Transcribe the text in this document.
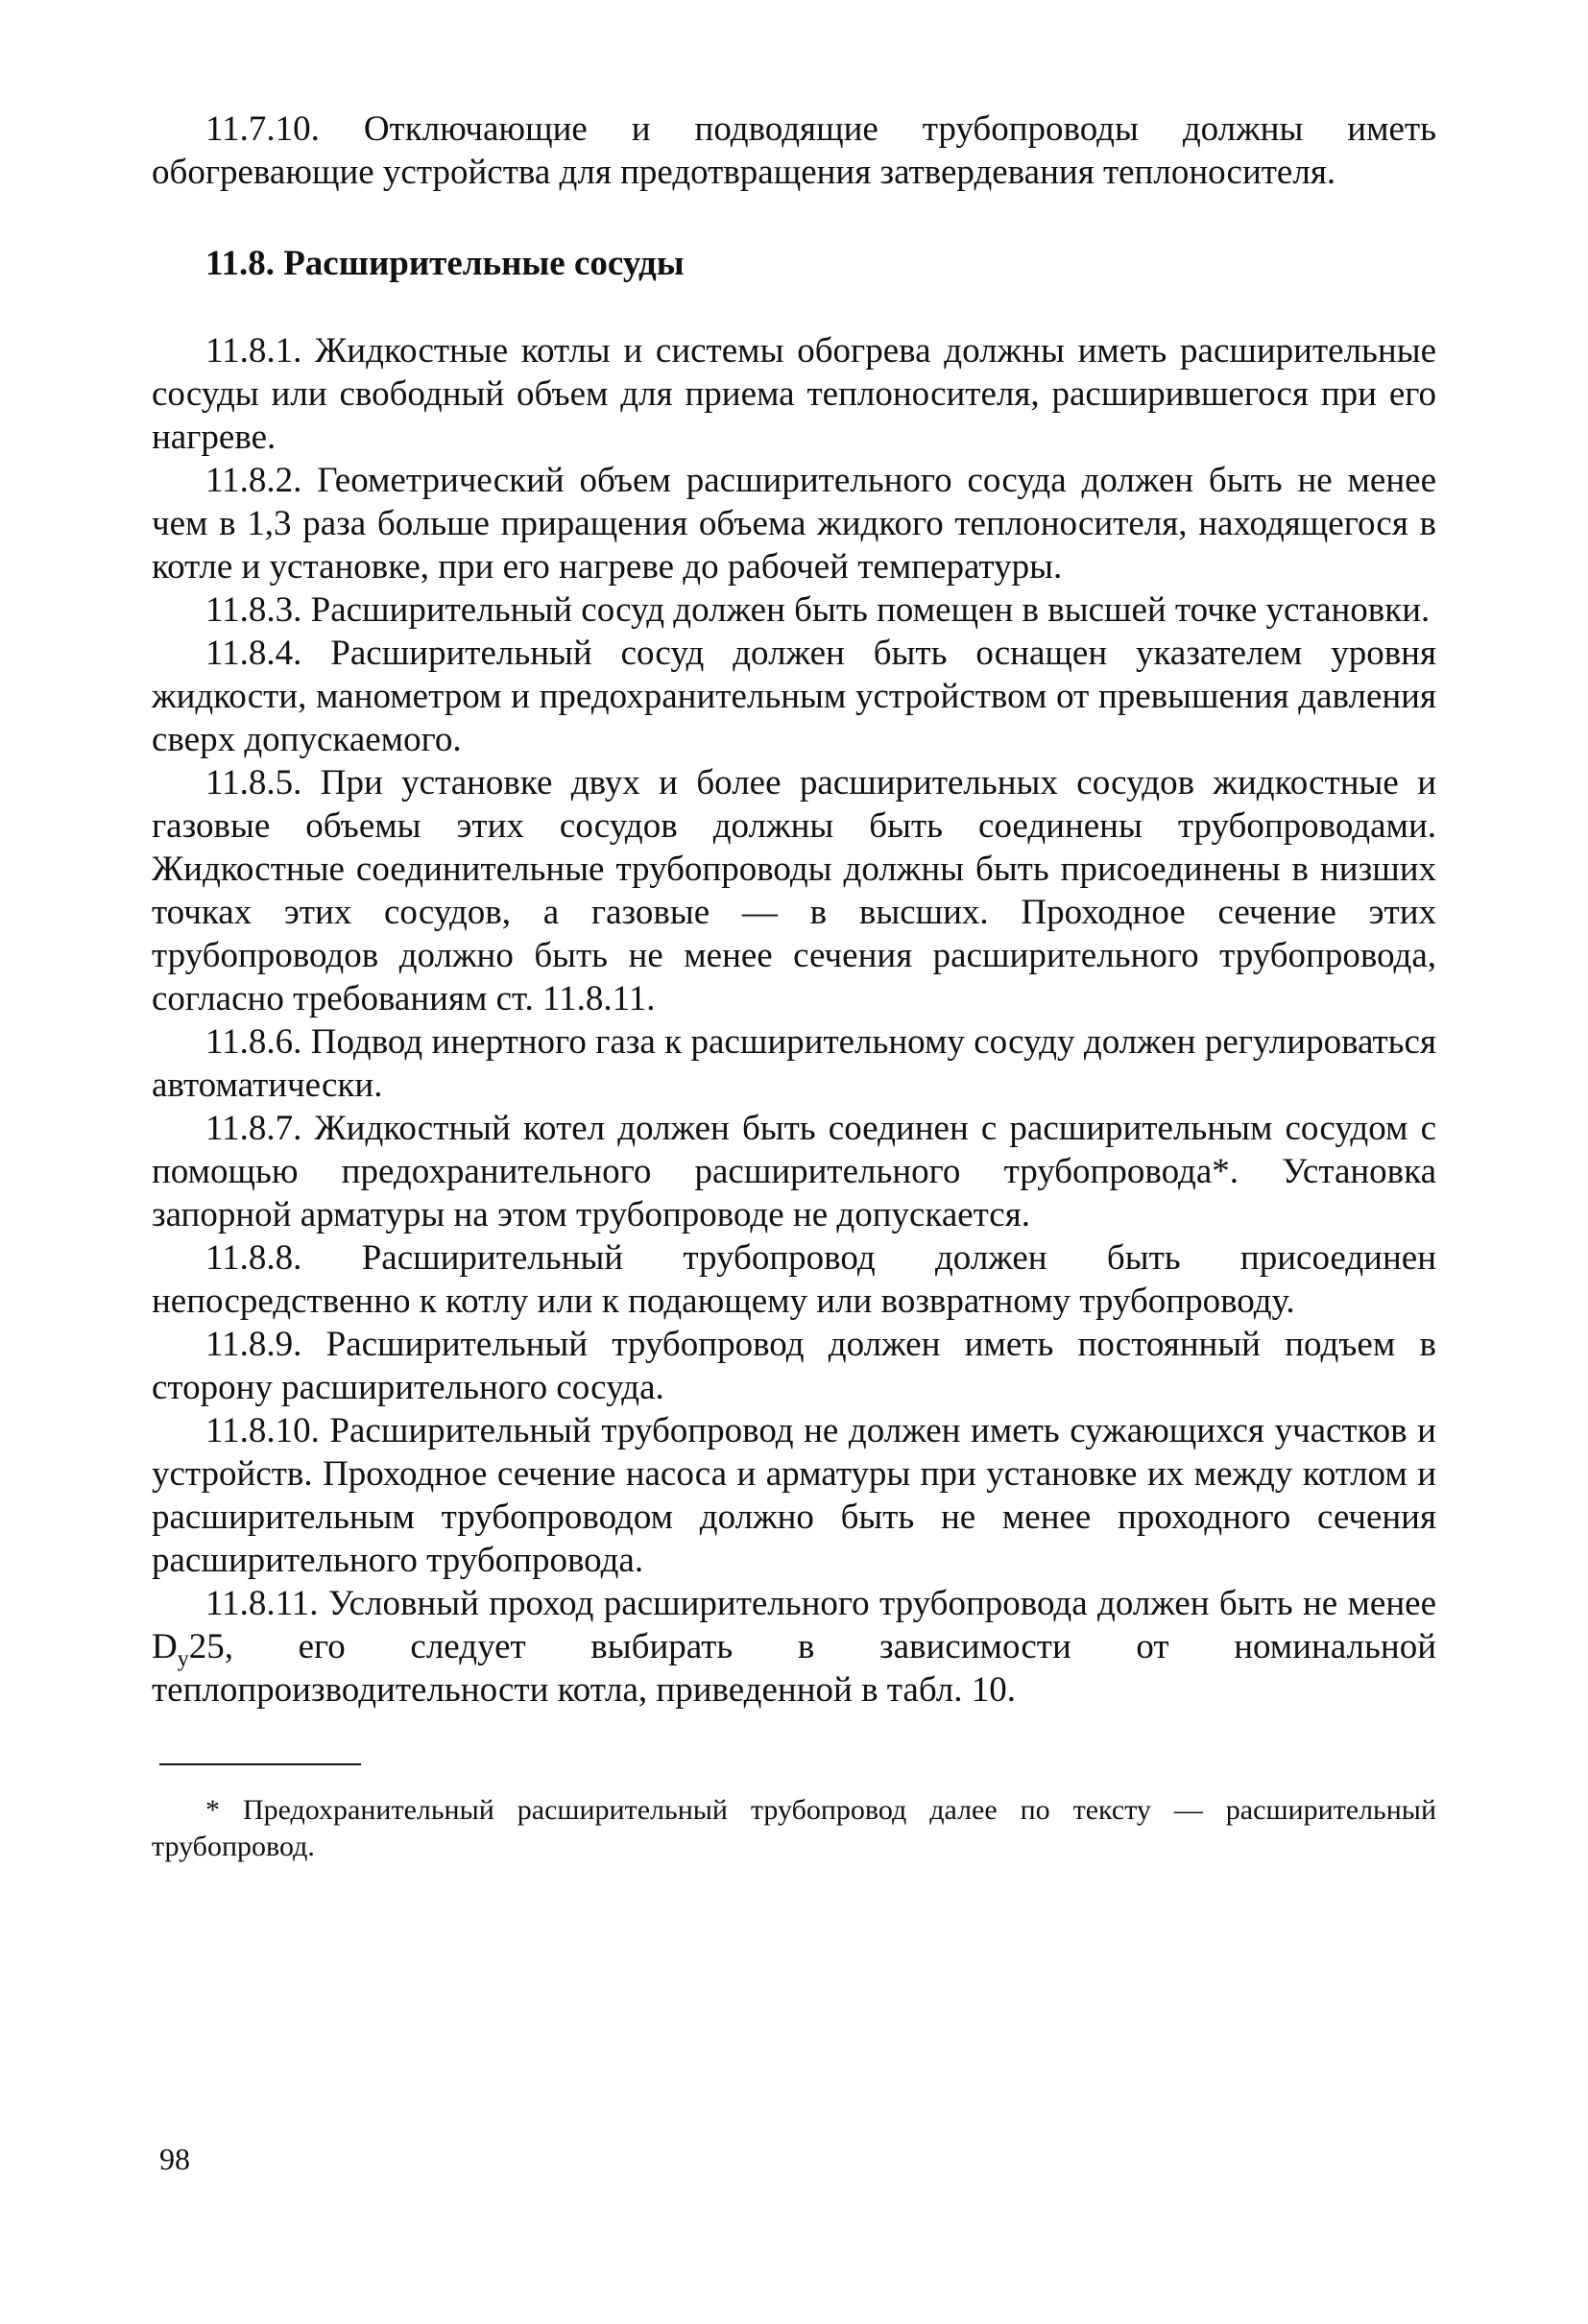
11.7.10. Отключающие и подводящие трубопроводы должны иметь обогревающие устройства для предотвращения затвердевания теплоносителя.

11.8. Расширительные сосуды

11.8.1. Жидкостные котлы и системы обогрева должны иметь расширительные сосуды или свободный объем для приема теплоносителя, расширившегося при его нагреве.

11.8.2. Геометрический объем расширительного сосуда должен быть не менее чем в 1,3 раза больше приращения объема жидкого теплоносителя, находящегося в котле и установке, при его нагреве до рабочей температуры.

11.8.3. Расширительный сосуд должен быть помещен в высшей точке установки.

11.8.4. Расширительный сосуд должен быть оснащен указателем уровня жидкости, манометром и предохранительным устройством от превышения давления сверх допускаемого.

11.8.5. При установке двух и более расширительных сосудов жидкостные и газовые объемы этих сосудов должны быть соединены трубопроводами. Жидкостные соединительные трубопроводы должны быть присоединены в низших точках этих сосудов, а газовые — в высших. Проходное сечение этих трубопроводов должно быть не менее сечения расширительного трубопровода, согласно требованиям ст. 11.8.11.

11.8.6. Подвод инертного газа к расширительному сосуду должен регулироваться автоматически.

11.8.7. Жидкостный котел должен быть соединен с расширительным сосудом с помощью предохранительного расширительного трубопровода*. Установка запорной арматуры на этом трубопроводе не допускается.

11.8.8. Расширительный трубопровод должен быть присоединен непосредственно к котлу или к подающему или возвратному трубопроводу.

11.8.9. Расширительный трубопровод должен иметь постоянный подъем в сторону расширительного сосуда.

11.8.10. Расширительный трубопровод не должен иметь сужающихся участков и устройств. Проходное сечение насоса и арматуры при установке их между котлом и расширительным трубопроводом должно быть не менее проходного сечения расширительного трубопровода.

11.8.11. Условный проход расширительного трубопровода должен быть не менее $D_y25$, его следует выбирать в зависимости от номинальной теплопроизводительности котла, приведенной в табл. 10.

* Предохранительный расширительный трубопровод далее по тексту — расширительный трубопровод.

98
